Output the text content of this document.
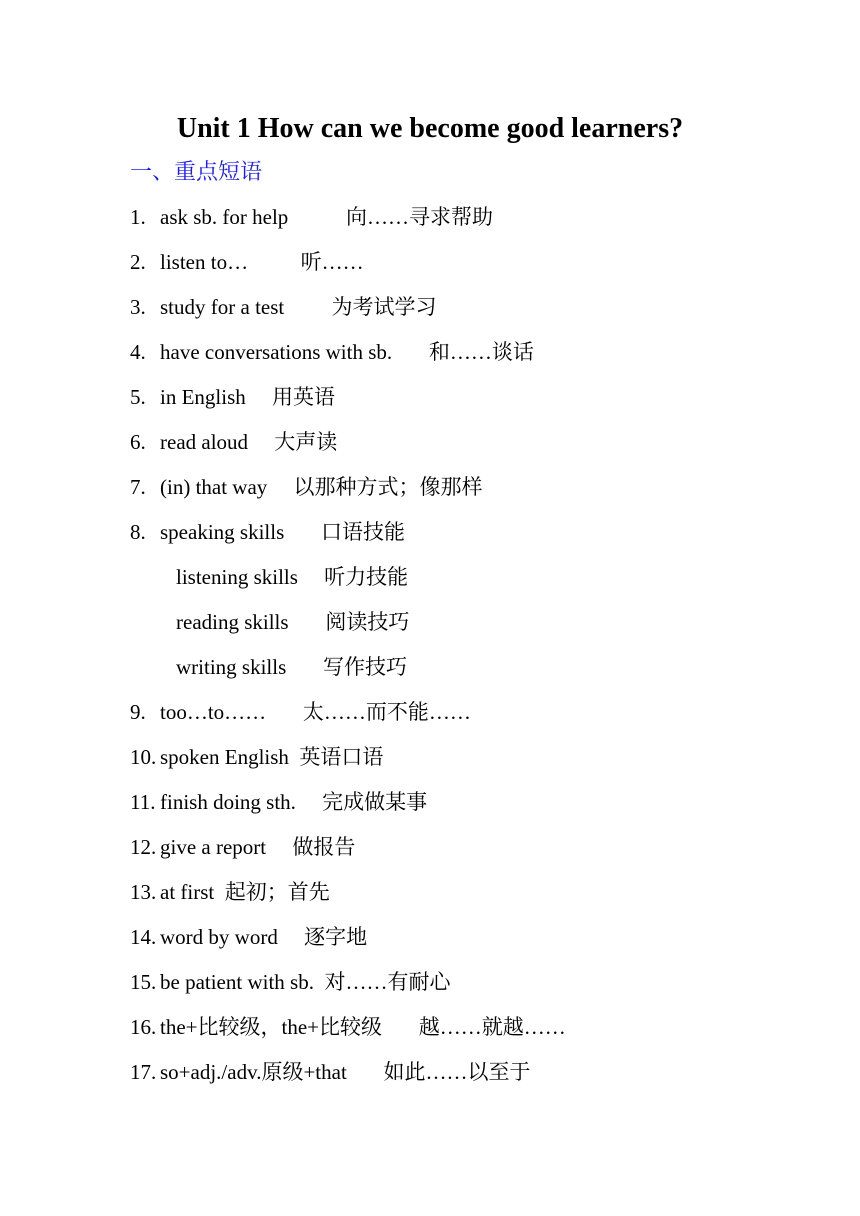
Unit 1 How can we become good learners?
一、重点短语
1. ask sb. for help           向……寻求帮助
2. listen to…          听……
3. study for a test         为考试学习
4. have conversations with sb.       和……谈话
5. in English     用英语
6. read aloud     大声读
7. (in) that way     以那种方式；像那样
8. speaking skills       口语技能
listening skills     听力技能
reading skills       阅读技巧
writing skills       写作技巧
9. too…to……       太……而不能……
10. spoken English  英语口语
11. finish doing sth.     完成做某事
12. give a report     做报告
13. at first  起初；首先
14. word by word     逐字地
15. be patient with sb.  对……有耐心
16. the+比较级，the+比较级       越……就越……
17. so+adj./adv.原级+that       如此……以至于
